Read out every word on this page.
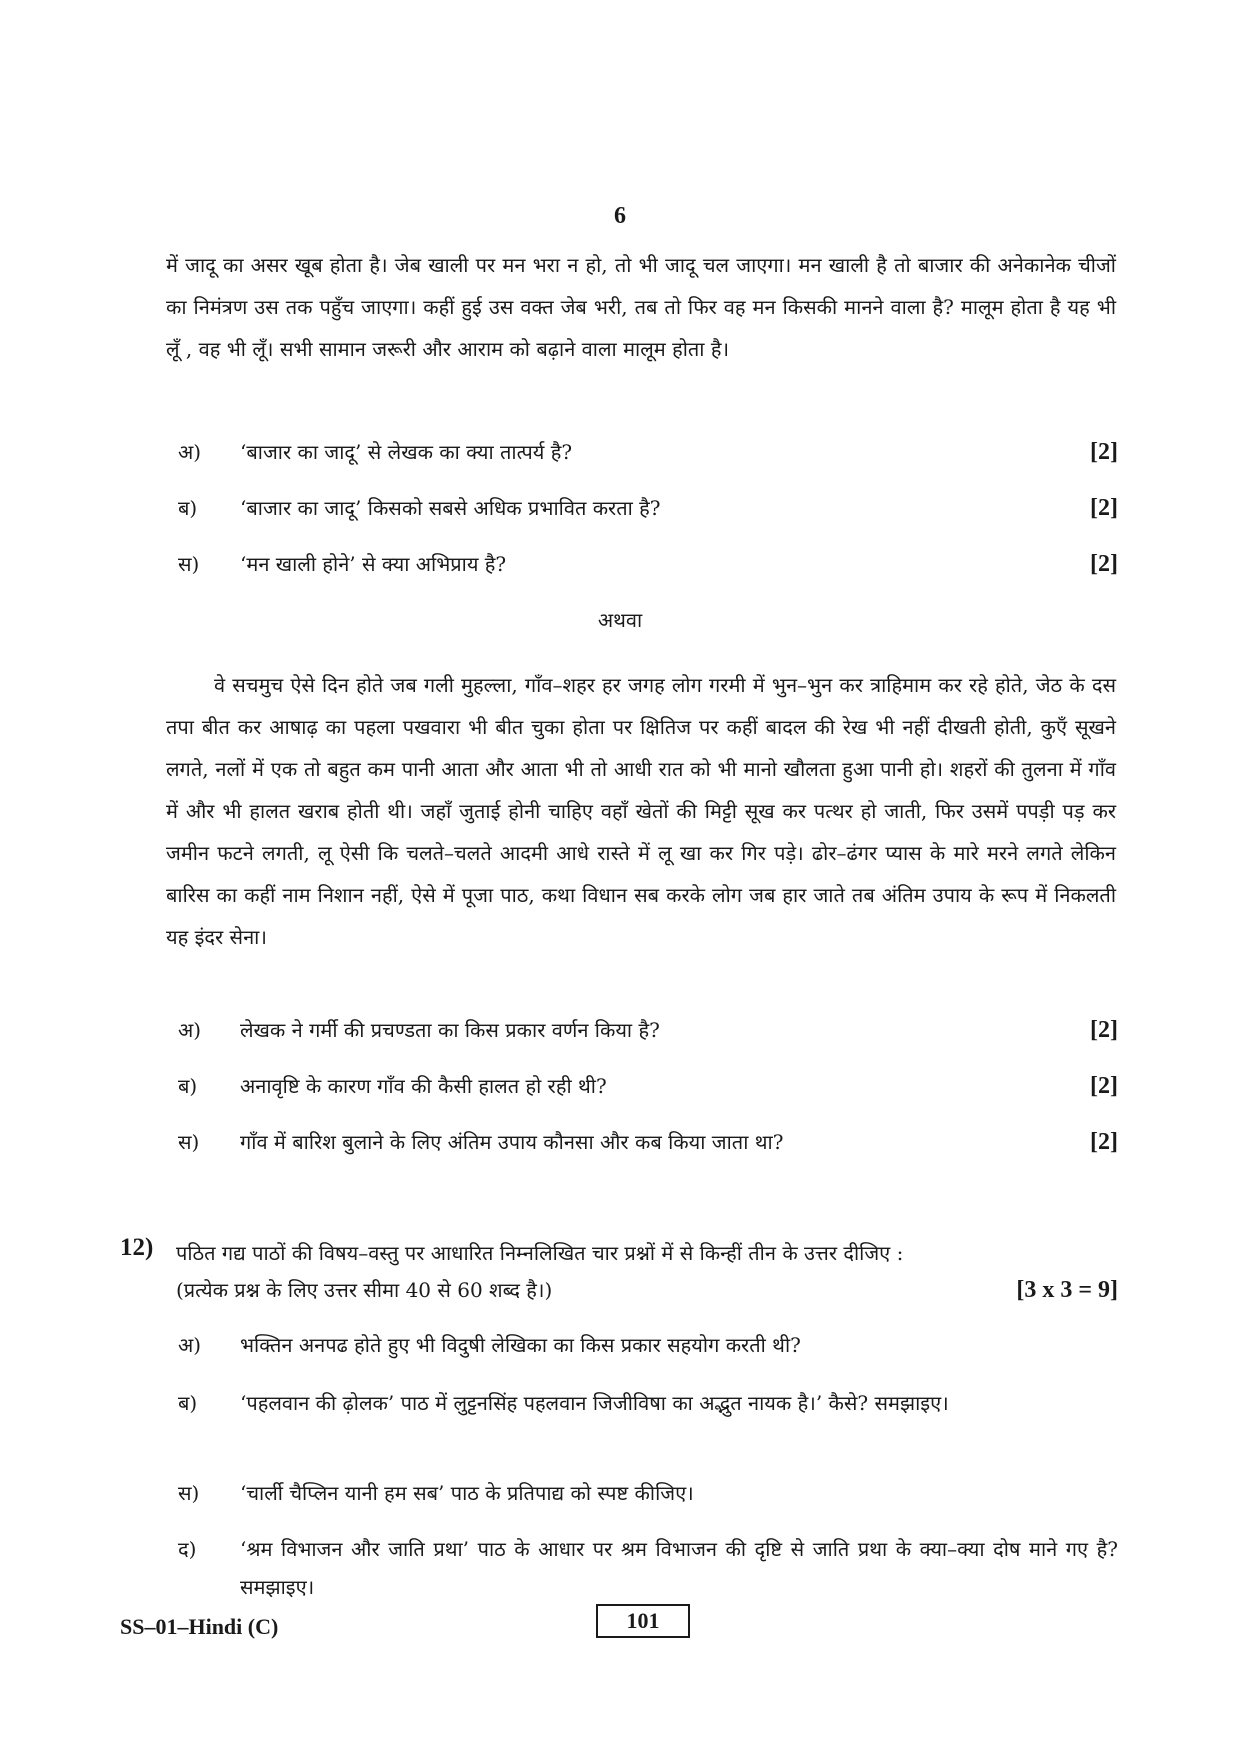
6

में जादू का असर खूब होता है। जेब खाली पर मन भरा न हो, तो भी जादू चल जाएगा। मन खाली है तो बाजार की अनेकानेक चीजों का निमंत्रण उस तक पहुँच जाएगा। कहीं हुई उस वक्त जेब भरी, तब तो फिर वह मन किसकी मानने वाला है? मालूम होता है यह भी लूँ , वह भी लूँ। सभी सामान जरूरी और आराम को बढ़ाने वाला मालूम होता है।

अ) ‘बाजार का जादू’ से लेखक का क्या तात्पर्य है?	[2]
ब) ‘बाजार का जादू’ किसको सबसे अधिक प्रभावित करता है?	[2]
स) ‘मन खाली होने’ से क्या अभिप्राय है?	[2]
अथवा

वे सचमुच ऐसे दिन होते जब गली मुहल्ला, गाँव–शहर हर जगह लोग गरमी में भुन–भुन कर त्राहिमाम कर रहे होते, जेठ के दस तपा बीत कर आषाढ़ का पहला पखवारा भी बीत चुका होता पर क्षितिज पर कहीं बादल की रेख भी नहीं दीखती होती, कुएँ सूखने लगते, नलों में एक तो बहुत कम पानी आता और आता भी तो आधी रात को भी मानो खौलता हुआ पानी हो। शहरों की तुलना में गाँव में और भी हालत खराब होती थी। जहाँ जुताई होनी चाहिए वहाँ खेतों की मिट्टी सूख कर पत्थर हो जाती, फिर उसमें पपड़ी पड़ कर जमीन फटने लगती, लू ऐसी कि चलते–चलते आदमी आधे रास्ते में लू खा कर गिर पड़े। ढोर–ढंगर प्यास के मारे मरने लगते लेकिन बारिस का कहीं नाम निशान नहीं, ऐसे में पूजा पाठ, कथा विधान सब करके लोग जब हार जाते तब अंतिम उपाय के रूप में निकलती यह इंदर सेना।

अ) लेखक ने गर्मी की प्रचण्डता का किस प्रकार वर्णन किया है?	[2]
ब) अनावृष्टि के कारण गाँव की कैसी हालत हो रही थी?	[2]
स) गाँव में बारिश बुलाने के लिए अंतिम उपाय कौनसा और कब किया जाता था?	[2]
12) पठित गद्य पाठों की विषय–वस्तु पर आधारित निम्नलिखित चार प्रश्नों में से किन्हीं तीन के उत्तर दीजिए :
(प्रत्येक प्रश्न के लिए उत्तर सीमा 40 से 60 शब्द है।)	[3 x 3 = 9]
अ) भक्तिन अनपढ होते हुए भी विदुषी लेखिका का किस प्रकार सहयोग करती थी?
ब) ‘पहलवान की ढ़ोलक’ पाठ में लुट्टनसिंह पहलवान जिजीविषा का अद्भुत नायक है।’ कैसे? समझाइए।
स) ‘चार्ली चैप्लिन यानी हम सब’ पाठ के प्रतिपाद्य को स्पष्ट कीजिए।
द) ‘श्रम विभाजन और जाति प्रथा’ पाठ के आधार पर श्रम विभाजन की दृष्टि से जाति प्रथा के क्या–क्या दोष माने गए है? समझाइए।
SS–01–Hindi (C)	101
